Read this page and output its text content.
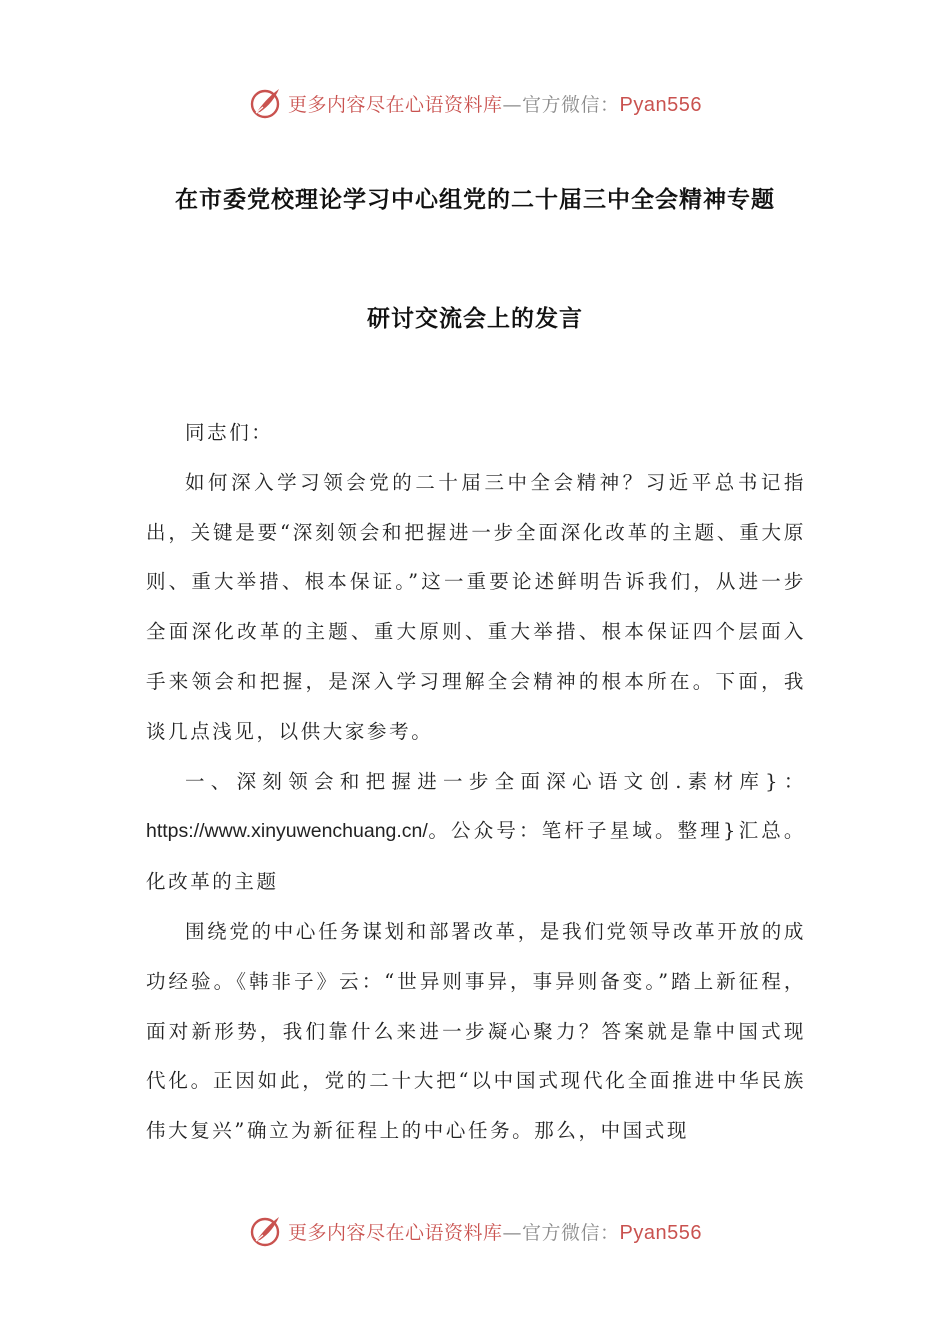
更多内容尽在心语资料库—官方微信：Pyan556
在市委党校理论学习中心组党的二十届三中全会精神专题
研讨交流会上的发言

同志们：

如何深入学习领会党的二十届三中全会精神？习近平总书记指出，关键是要“深刻领会和把握进一步全面深化改革的主题、重大原则、重大举措、根本保证。”这一重要论述鲜明告诉我们，从进一步全面深化改革的主题、重大原则、重大举措、根本保证四个层面入手来领会和把握，是深入学习理解全会精神的根本所在。下面，我谈几点浅见，以供大家参考。

一、深刻领会和把握进一步全面深心语文创.素材库}：https://www.xinyuwenchuang.cn/。公众号：笔杆子星域。整理}汇总。化改革的主题

围绕党的中心任务谋划和部署改革，是我们党领导改革开放的成功经验。《韩非子》云：“世异则事异，事异则备变。”踏上新征程，面对新形势，我们靠什么来进一步凝心聚力？答案就是靠中国式现代化。正因如此，党的二十大把“以中国式现代化全面推进中华民族伟大复兴”确立为新征程上的中心任务。那么，中国式现

更多内容尽在心语资料库—官方微信：Pyan556
